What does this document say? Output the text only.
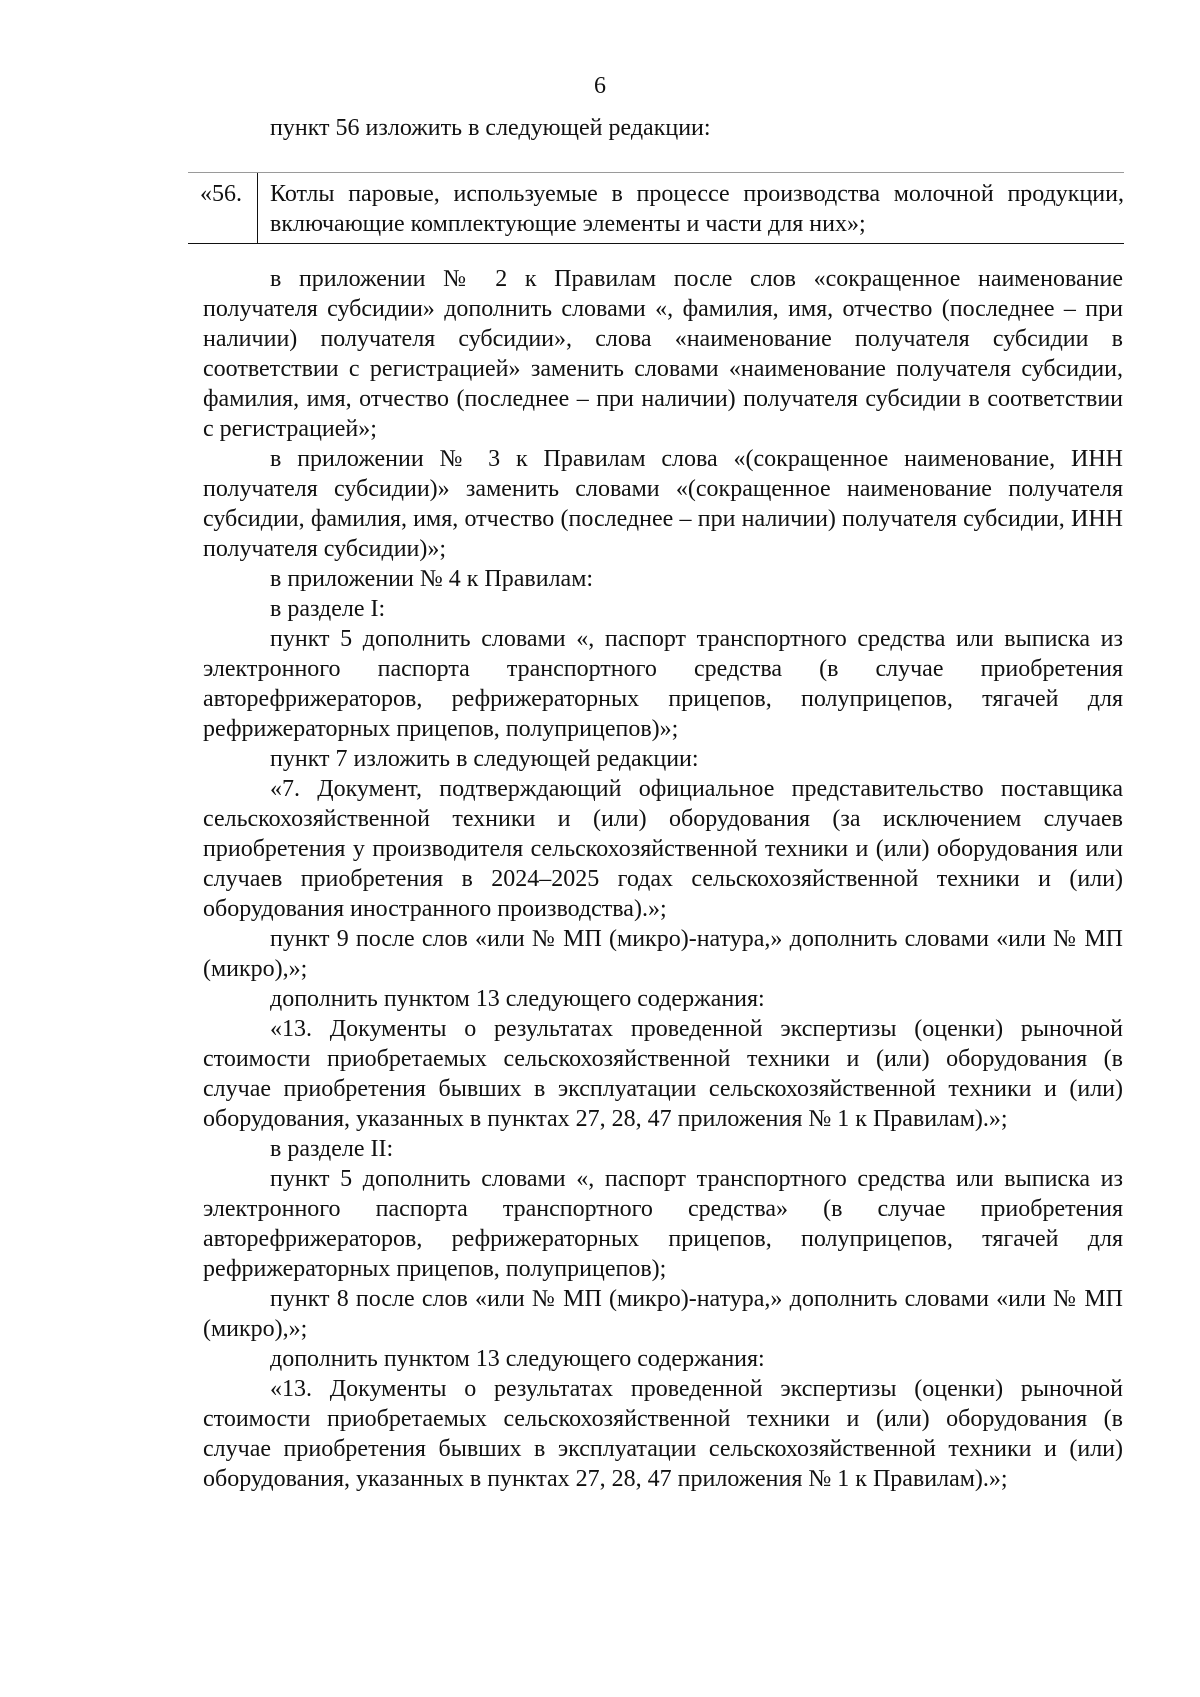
6
пункт 56 изложить в следующей редакции:
«56.	Котлы паровые, используемые в процессе производства молочной продукции, включающие комплектующие элементы и части для них»;

в приложении № 2 к Правилам после слов «сокращенное наименование получателя субсидии» дополнить словами «, фамилия, имя, отчество (последнее – при наличии) получателя субсидии», слова «наименование получателя субсидии в соответствии с регистрацией» заменить словами «наименование получателя субсидии, фамилия, имя, отчество (последнее – при наличии) получателя субсидии в соответствии с регистрацией»;

в приложении № 3 к Правилам слова «(сокращенное наименование, ИНН получателя субсидии)» заменить словами «(сокращенное наименование получателя субсидии, фамилия, имя, отчество (последнее – при наличии) получателя субсидии, ИНН получателя субсидии)»;

в приложении № 4 к Правилам:

в разделе I:

пункт 5 дополнить словами «, паспорт транспортного средства или выписка из электронного паспорта транспортного средства (в случае приобретения авторефрижераторов, рефрижераторных прицепов, полуприцепов, тягачей для рефрижераторных прицепов, полуприцепов)»;

пункт 7 изложить в следующей редакции:

«7. Документ, подтверждающий официальное представительство поставщика сельскохозяйственной техники и (или) оборудования (за исключением случаев приобретения у производителя сельскохозяйственной техники и (или) оборудования или случаев приобретения в 2024–2025 годах сельскохозяйственной техники и (или) оборудования иностранного производства).»;

пункт 9 после слов «или № МП (микро)-натура,» дополнить словами «или № МП (микро),»;

дополнить пунктом 13 следующего содержания:

«13. Документы о результатах проведенной экспертизы (оценки) рыночной стоимости приобретаемых сельскохозяйственной техники и (или) оборудования (в случае приобретения бывших в эксплуатации сельскохозяйственной техники и (или) оборудования, указанных в пунктах 27, 28, 47 приложения № 1 к Правилам).»;

в разделе II:

пункт 5 дополнить словами «, паспорт транспортного средства или выписка из электронного паспорта транспортного средства» (в случае приобретения авторефрижераторов, рефрижераторных прицепов, полуприцепов, тягачей для рефрижераторных прицепов, полуприцепов);

пункт 8 после слов «или № МП (микро)-натура,» дополнить словами «или № МП (микро),»;

дополнить пунктом 13 следующего содержания:

«13. Документы о результатах проведенной экспертизы (оценки) рыночной стоимости приобретаемых сельскохозяйственной техники и (или) оборудования (в случае приобретения бывших в эксплуатации сельскохозяйственной техники и (или) оборудования, указанных в пунктах 27, 28, 47 приложения № 1 к Правилам).»;
